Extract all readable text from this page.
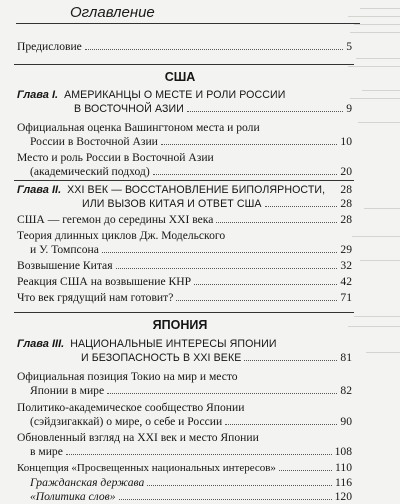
Оглавление
Предисловие	5
США
Глава I. АМЕРИКАНЦЫ О МЕСТЕ И РОЛИ РОССИИ
В ВОСТОЧНОЙ АЗИИ	9
Официальная оценка Вашингтоном места и роли
России в Восточной Азии	10
Место и роль России в Восточной Азии
(академический подход)	20
Глава II. XXI ВЕК — ВОССТАНОВЛЕНИЕ БИПОЛЯРНОСТИ, 28
ИЛИ ВЫЗОВ КИТАЯ И ОТВЕТ США	28
США — гегемон до середины XXI века	28
Теория длинных циклов Дж. Модельского
и У. Томпсона	29
Возвышение Китая	32
Реакция США на возвышение КНР	42
Что век грядущий нам готовит?	71
ЯПОНИЯ
Глава III. НАЦИОНАЛЬНЫЕ ИНТЕРЕСЫ ЯПОНИИ
И БЕЗОПАСНОСТЬ В XXI ВЕКЕ	81
Официальная позиция Токио на мир и место
Японии в мире	82
Политико-академическое сообщество Японии
(сэйдзигаккай) о мире, о себе и России	90
Обновленный взгляд на XXI век и место Японии
в мире	108
Концепция «Просвещенных национальных интересов»	110
Гражданская держава	116
«Политика слов»	120
